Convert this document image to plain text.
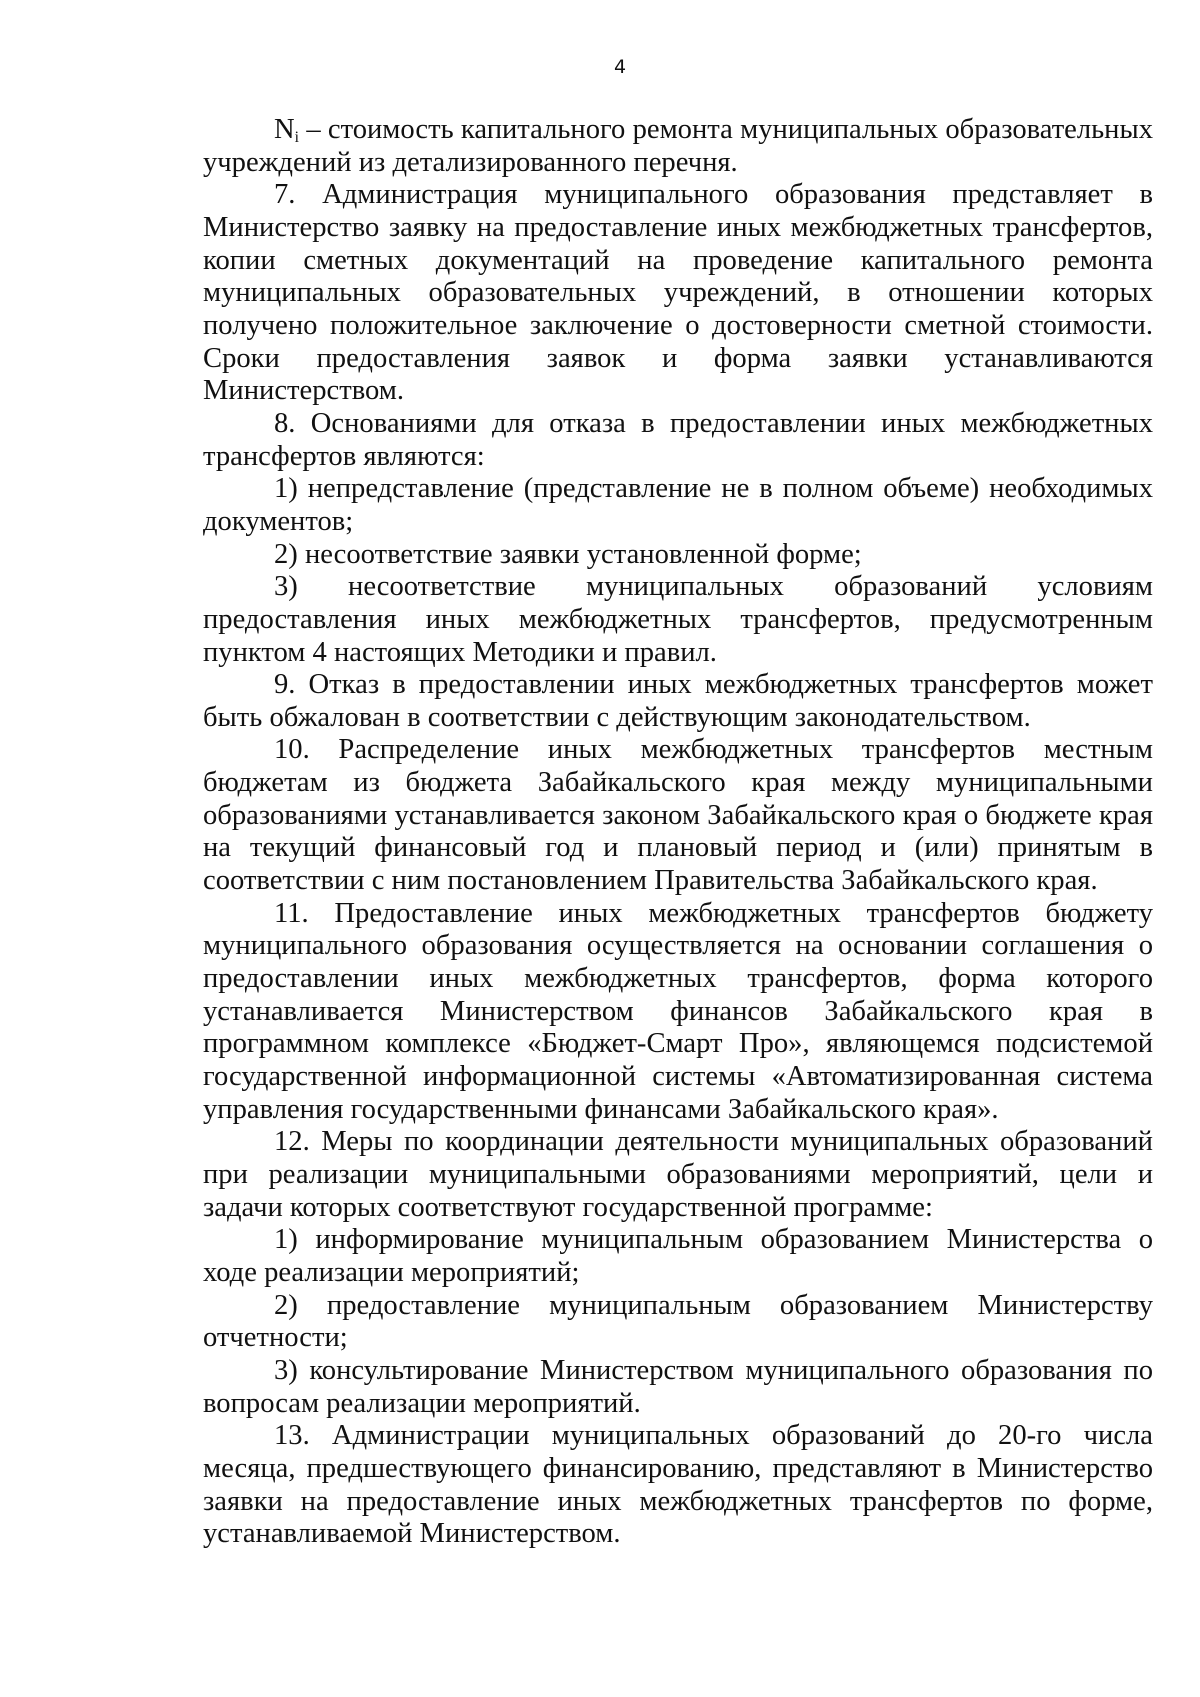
4

$N_i$ – стоимость капитального ремонта муниципальных образовательных учреждений из детализированного перечня.

7. Администрация муниципального образования представляет в Министерство заявку на предоставление иных межбюджетных трансфертов, копии сметных документаций на проведение капитального ремонта муниципальных образовательных учреждений, в отношении которых получено положительное заключение о достоверности сметной стоимости. Сроки предоставления заявок и форма заявки устанавливаются Министерством.

8. Основаниями для отказа в предоставлении иных межбюджетных трансфертов являются:

1) непредставление (представление не в полном объеме) необходимых документов;

2) несоответствие заявки установленной форме;

3) несоответствие муниципальных образований условиям предоставления иных межбюджетных трансфертов, предусмотренным пунктом 4 настоящих Методики и правил.

9. Отказ в предоставлении иных межбюджетных трансфертов может быть обжалован в соответствии с действующим законодательством.

10. Распределение иных межбюджетных трансфертов местным бюджетам из бюджета Забайкальского края между муниципальными образованиями устанавливается законом Забайкальского края о бюджете края на текущий финансовый год и плановый период и (или) принятым в соответствии с ним постановлением Правительства Забайкальского края.

11. Предоставление иных межбюджетных трансфертов бюджету муниципального образования осуществляется на основании соглашения о предоставлении иных межбюджетных трансфертов, форма которого устанавливается Министерством финансов Забайкальского края в программном комплексе «Бюджет-Смарт Про», являющемся подсистемой государственной информационной системы «Автоматизированная система управления государственными финансами Забайкальского края».

12. Меры по координации деятельности муниципальных образований при реализации муниципальными образованиями мероприятий, цели и задачи которых соответствуют государственной программе:

1) информирование муниципальным образованием Министерства о ходе реализации мероприятий;

2) предоставление муниципальным образованием Министерству отчетности;

3) консультирование Министерством муниципального образования по вопросам реализации мероприятий.

13. Администрации муниципальных образований до 20-го числа месяца, предшествующего финансированию, представляют в Министерство заявки на предоставление иных межбюджетных трансфертов по форме, устанавливаемой Министерством.
